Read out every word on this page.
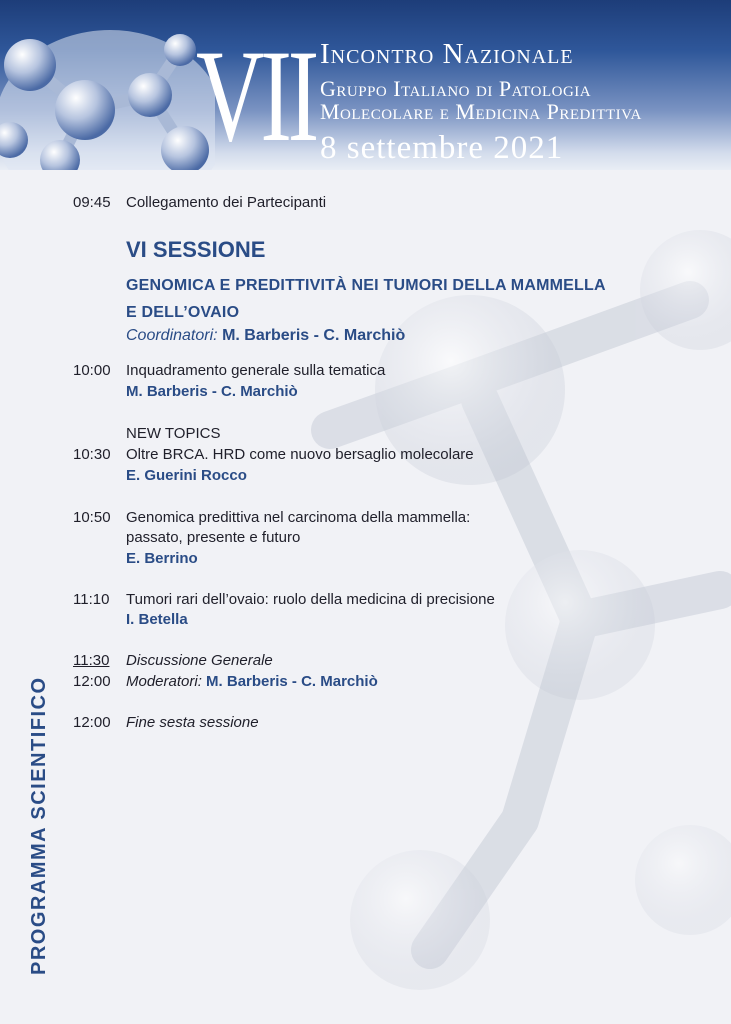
VII Incontro Nazionale
Gruppo Italiano di Patologia
Molecolare e Medicina Predittiva
8 settembre 2021
09:45 Collegamento dei Partecipanti
VI SESSIONE
GENOMICA E PREDITTIVITÀ NEI TUMORI DELLA MAMMELLA
E DELL’OVAIO
Coordinatori: M. Barberis - C. Marchiò
10:00 Inquadramento generale sulla tematica
M. Barberis - C. Marchiò
NEW TOPICS
10:30 Oltre BRCA. HRD come nuovo bersaglio molecolare
E. Guerini Rocco
10:50 Genomica predittiva nel carcinoma della mammella:
passato, presente e futuro
E. Berrino
11:10 Tumori rari dell’ovaio: ruolo della medicina di precisione
I. Betella
11:30 Discussione Generale
12:00 Moderatori: M. Barberis - C. Marchiò
12:00 Fine sesta sessione
PROGRAMMA SCIENTIFICO
